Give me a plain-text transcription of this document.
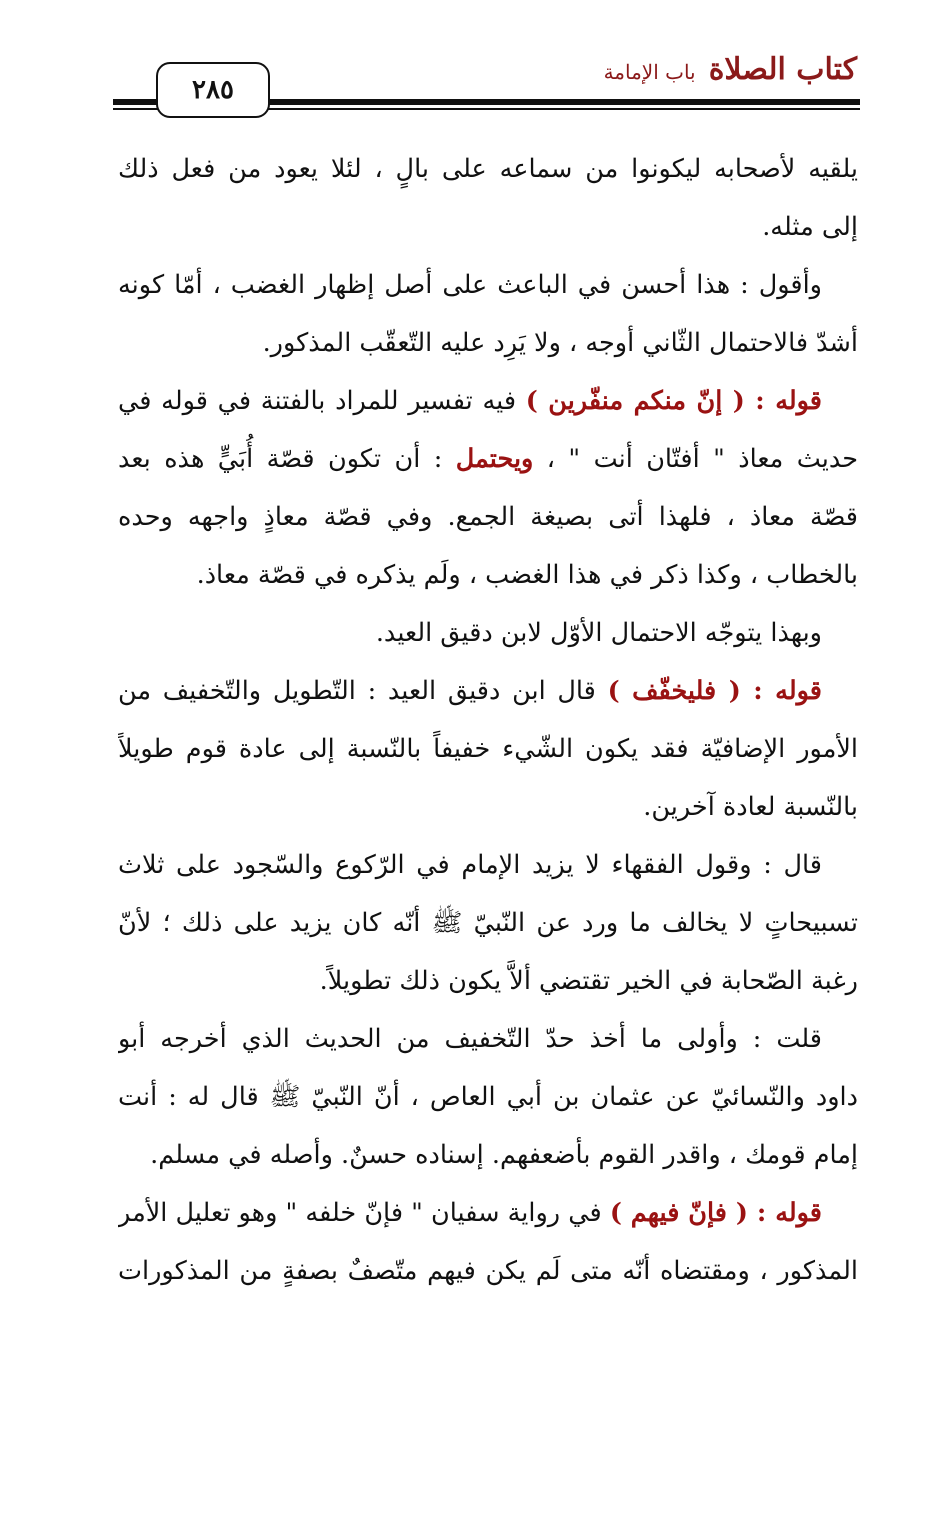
كتاب الصلاة باب الإمامة
٢٨٥
يلقيه لأصحابه ليكونوا من سماعه على بالٍ ، لئلا يعود من فعل ذلك
إلى مثله.
وأقول : هذا أحسن في الباعث على أصل إظهار الغضب ، أمّا كونه
أشدّ فالاحتمال الثّاني أوجه ، ولا يَرِد عليه التّعقّب المذكور.
قوله : ( إنّ منكم منفّرين ) فيه تفسير للمراد بالفتنة في قوله في
حديث معاذ " أفتّان أنت " ، ويحتمل : أن تكون قصّة أُبَيٍّ هذه بعد
قصّة معاذ ، فلهذا أتى بصيغة الجمع. وفي قصّة معاذٍ واجهه وحده
بالخطاب ، وكذا ذكر في هذا الغضب ، ولَم يذكره في قصّة معاذ.
وبهذا يتوجّه الاحتمال الأوّل لابن دقيق العيد.
قوله : ( فليخفّف ) قال ابن دقيق العيد : التّطويل والتّخفيف من
الأمور الإضافيّة فقد يكون الشّيء خفيفاً بالنّسبة إلى عادة قوم طويلاً
بالنّسبة لعادة آخرين.
قال : وقول الفقهاء لا يزيد الإمام في الرّكوع والسّجود على ثلاث
تسبيحاتٍ لا يخالف ما ورد عن النّبيّ ﷺ أنّه كان يزيد على ذلك ؛ لأنّ
رغبة الصّحابة في الخير تقتضي ألاَّ يكون ذلك تطويلاً.
قلت : وأولى ما أخذ حدّ التّخفيف من الحديث الذي أخرجه أبو
داود والنّسائيّ عن عثمان بن أبي العاص ، أنّ النّبيّ ﷺ قال له : أنت
إمام قومك ، واقدر القوم بأضعفهم. إسناده حسنٌ. وأصله في مسلم.
قوله : ( فإنّ فيهم ) في رواية سفيان " فإنّ خلفه " وهو تعليل الأمر
المذكور ، ومقتضاه أنّه متى لَم يكن فيهم متّصفٌ بصفةٍ من المذكورات
